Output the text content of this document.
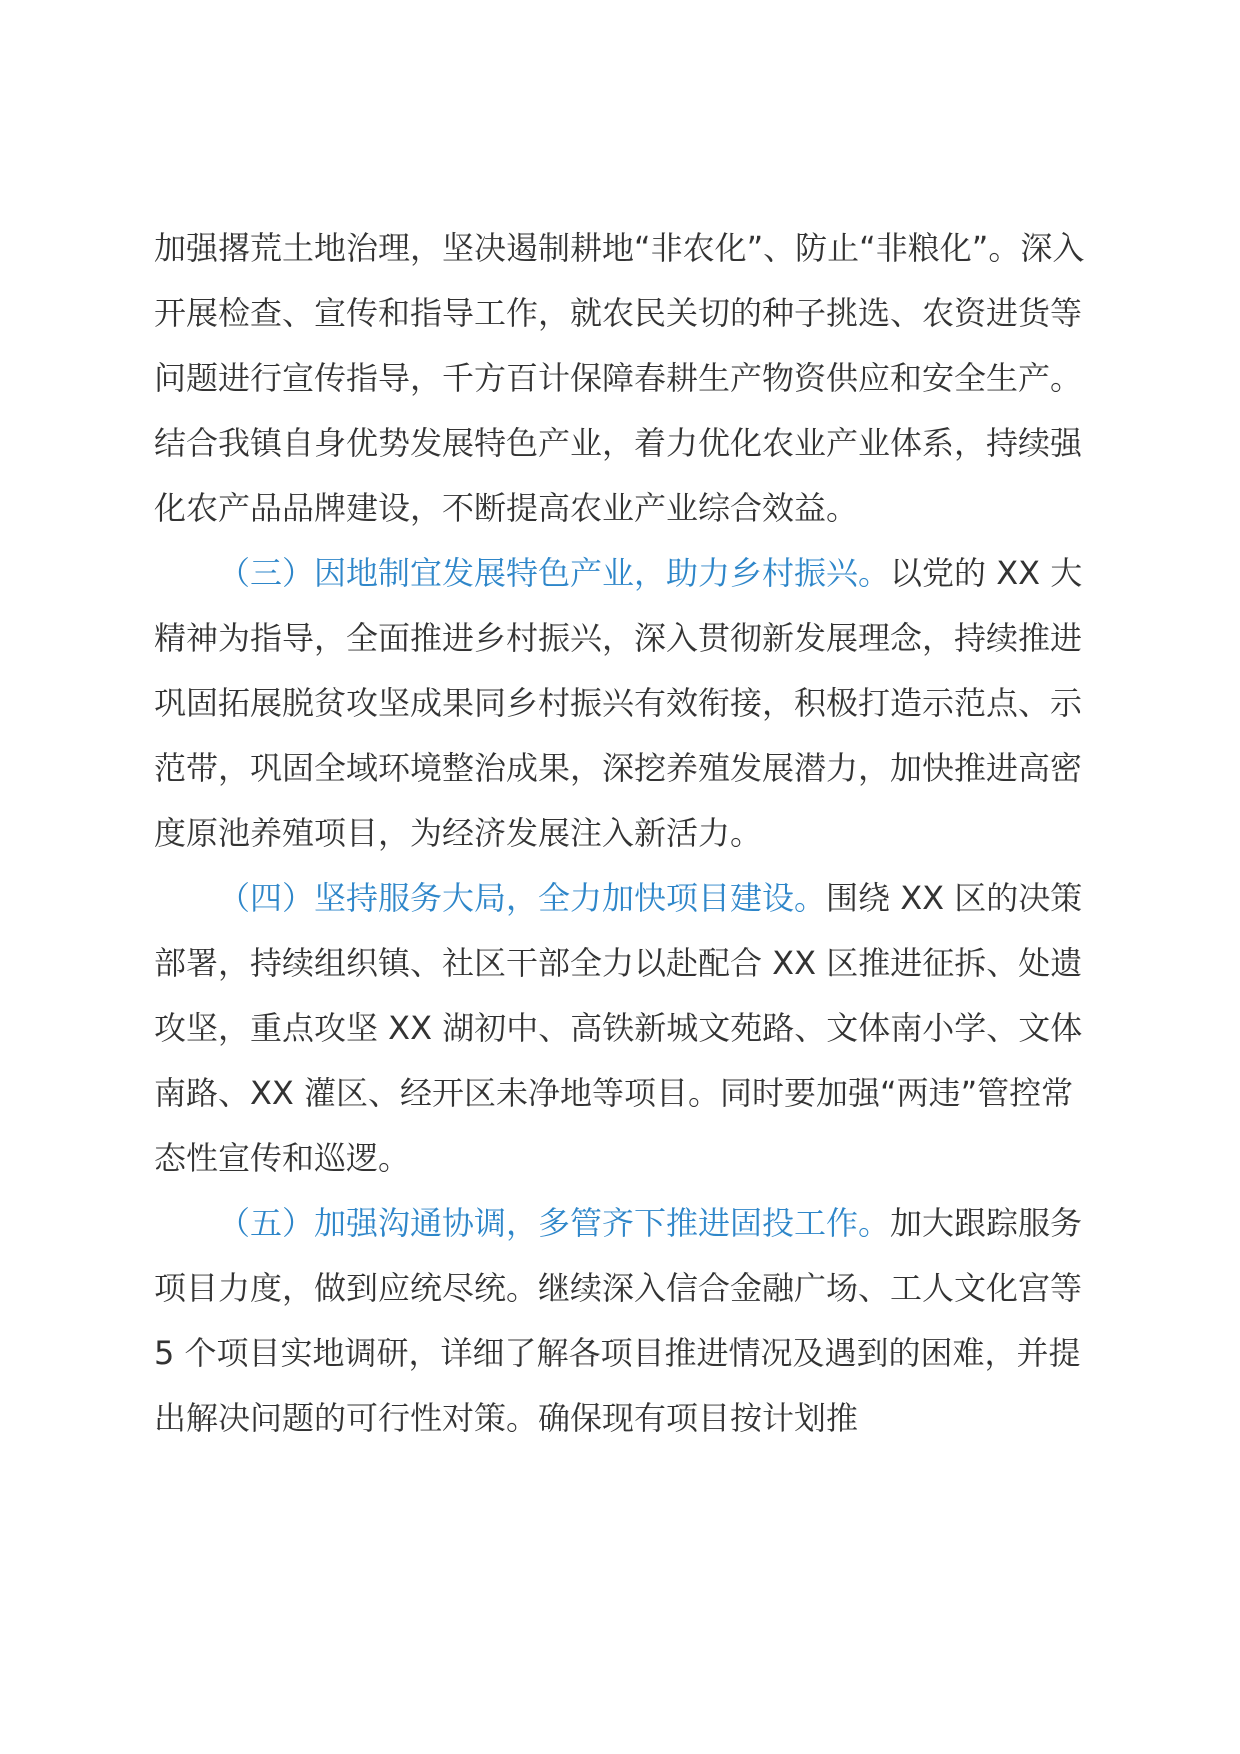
加强撂荒土地治理，坚决遏制耕地“非农化”、防止“非粮化”。深入开展检查、宣传和指导工作，就农民关切的种子挑选、农资进货等问题进行宣传指导，千方百计保障春耕生产物资供应和安全生产。结合我镇自身优势发展特色产业，着力优化农业产业体系，持续强化农产品品牌建设，不断提高农业产业综合效益。

（三）因地制宜发展特色产业，助力乡村振兴。以党的 XX 大精神为指导，全面推进乡村振兴，深入贯彻新发展理念，持续推进巩固拓展脱贫攻坚成果同乡村振兴有效衔接，积极打造示范点、示范带，巩固全域环境整治成果，深挖养殖发展潜力，加快推进高密度原池养殖项目，为经济发展注入新活力。

（四）坚持服务大局，全力加快项目建设。围绕 XX 区的决策部署，持续组织镇、社区干部全力以赴配合 XX 区推进征拆、处遗攻坚，重点攻坚 XX 湖初中、高铁新城文苑路、文体南小学、文体南路、XX 灌区、经开区未净地等项目。同时要加强“两违”管控常态性宣传和巡逻。

（五）加强沟通协调，多管齐下推进固投工作。加大跟踪服务项目力度，做到应统尽统。继续深入信合金融广场、工人文化宫等 5 个项目实地调研，详细了解各项目推进情况及遇到的困难，并提出解决问题的可行性对策。确保现有项目按计划推
